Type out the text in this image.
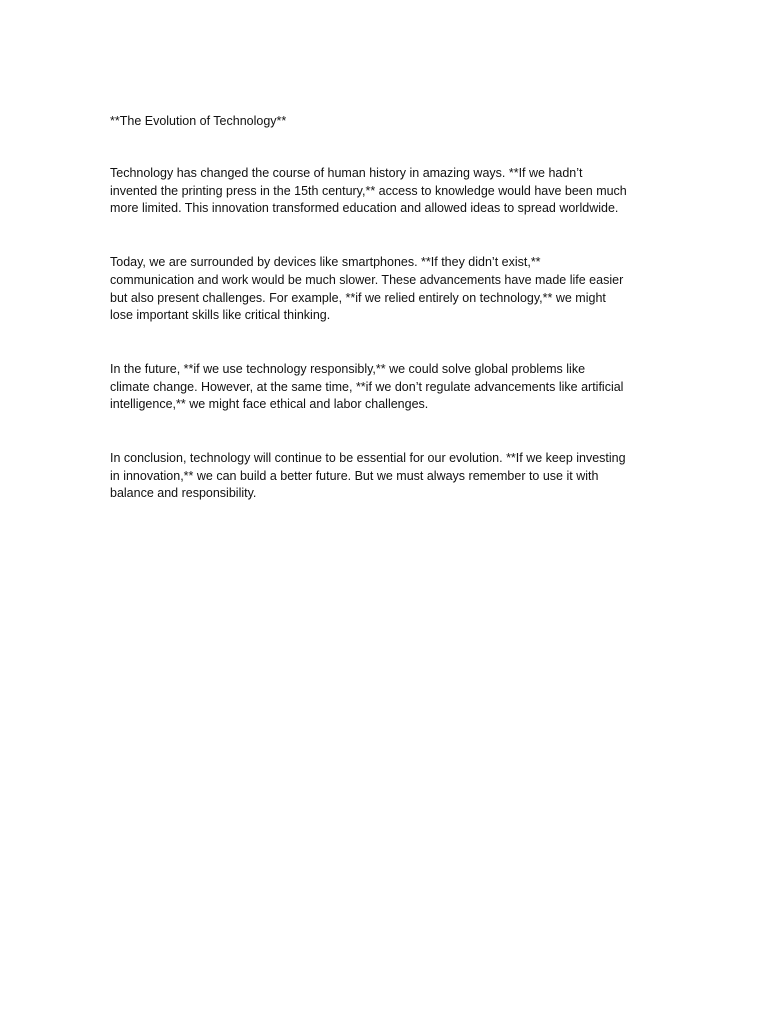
**The Evolution of Technology**

Technology has changed the course of human history in amazing ways. **If we hadn’t
invented the printing press in the 15th century,** access to knowledge would have been much
more limited. This innovation transformed education and allowed ideas to spread worldwide.

Today, we are surrounded by devices like smartphones. **If they didn’t exist,**
communication and work would be much slower. These advancements have made life easier
but also present challenges. For example, **if we relied entirely on technology,** we might
lose important skills like critical thinking.

In the future, **if we use technology responsibly,** we could solve global problems like
climate change. However, at the same time, **if we don’t regulate advancements like artificial
intelligence,** we might face ethical and labor challenges.

In conclusion, technology will continue to be essential for our evolution. **If we keep investing
in innovation,** we can build a better future. But we must always remember to use it with
balance and responsibility.
